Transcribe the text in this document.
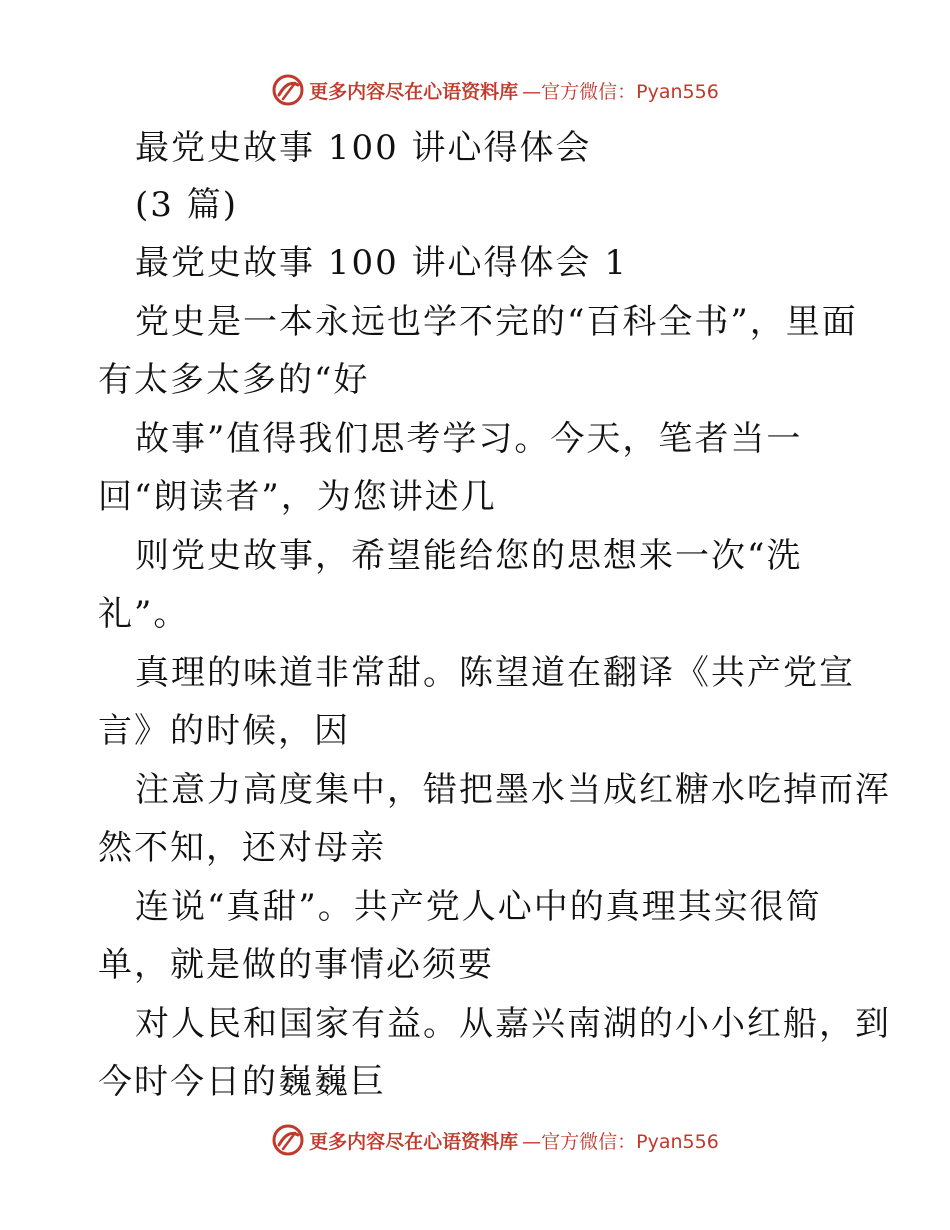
更多内容尽在心语资料库 —官方微信：Pyan556
最党史故事 100 讲心得体会
(3 篇)
最党史故事 100 讲心得体会 1
党史是一本永远也学不完的“百科全书”，里面
有太多太多的“好
故事”值得我们思考学习。今天，笔者当一
回“朗读者”，为您讲述几
则党史故事，希望能给您的思想来一次“洗
礼”。
真理的味道非常甜。陈望道在翻译《共产党宣
言》的时候，因
注意力高度集中，错把墨水当成红糖水吃掉而浑
然不知，还对母亲
连说“真甜”。共产党人心中的真理其实很简
单，就是做的事情必须要
对人民和国家有益。从嘉兴南湖的小小红船，到
今时今日的巍巍巨
更多内容尽在心语资料库 —官方微信：Pyan556
